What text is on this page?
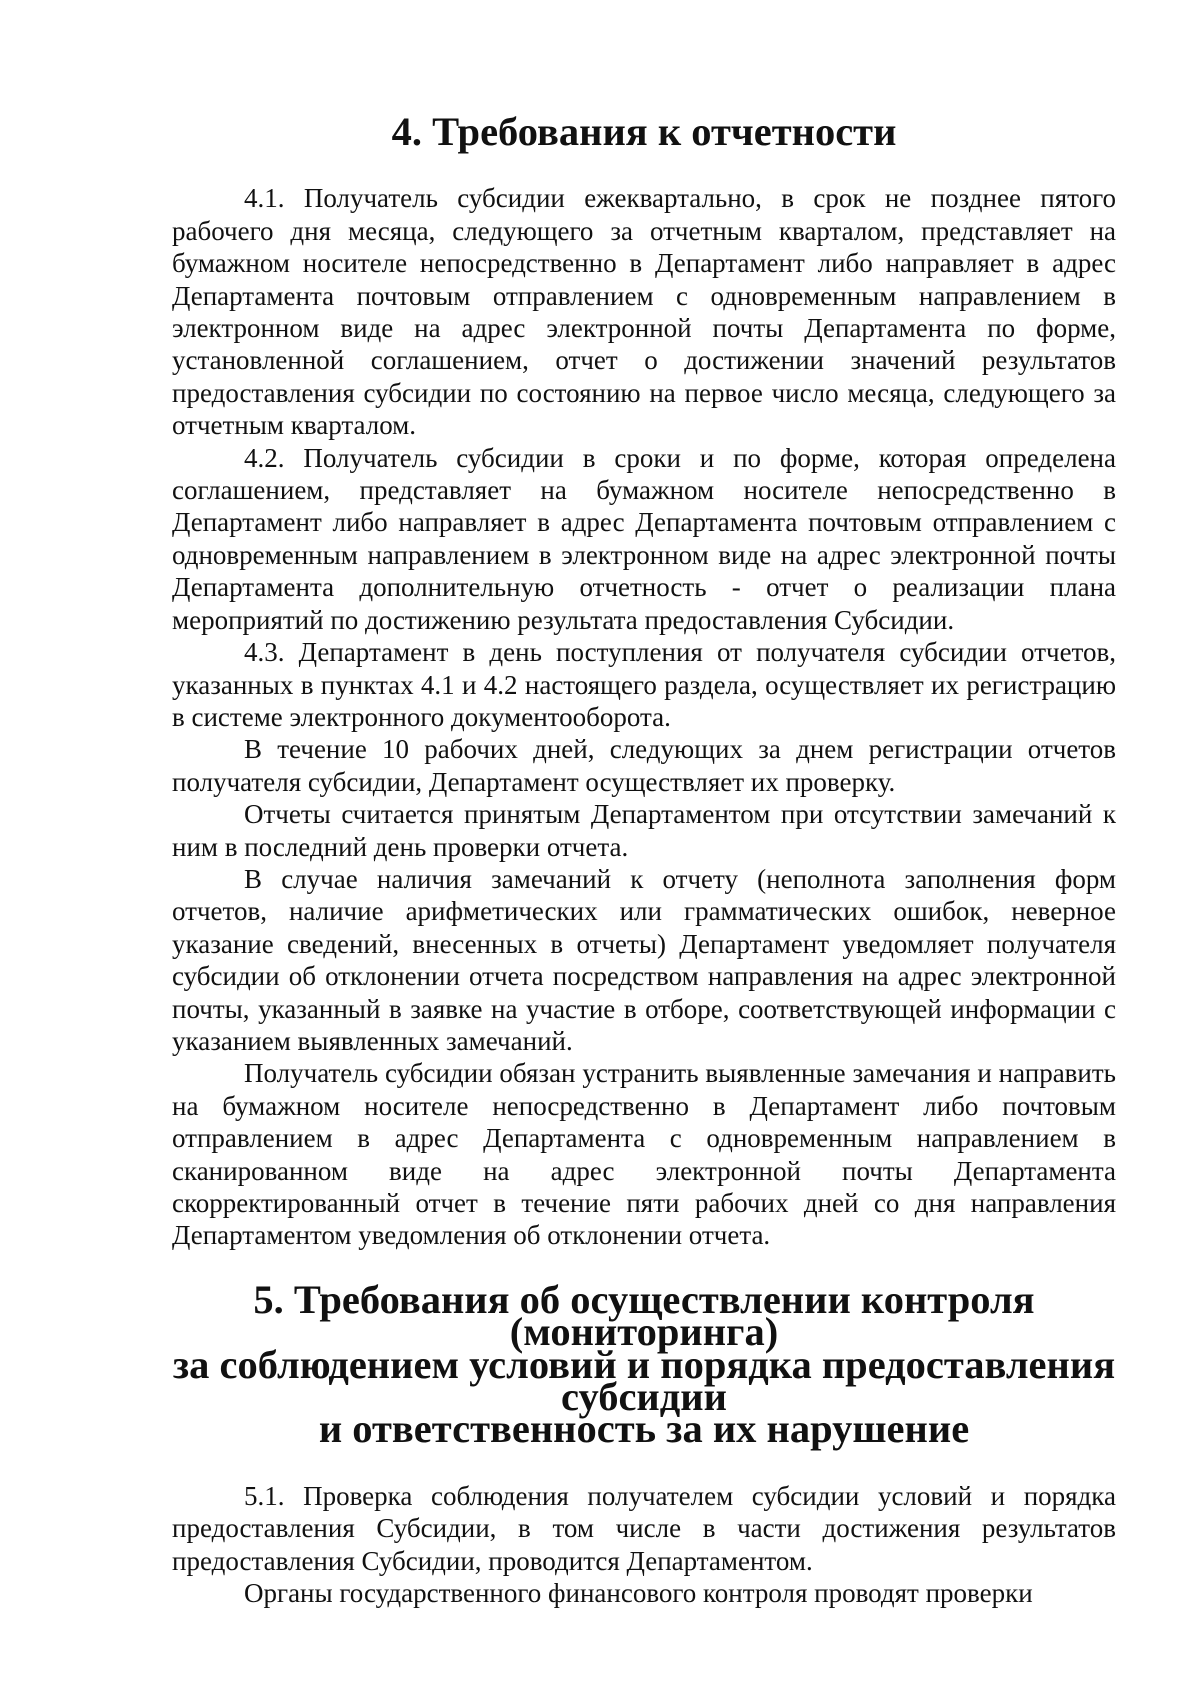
4. Требования к отчетности

4.1. Получатель субсидии ежеквартально, в срок не позднее пятого рабочего дня месяца, следующего за отчетным кварталом, представляет на бумажном носителе непосредственно в Департамент либо направляет в адрес Департамента почтовым отправлением с одновременным направлением в электронном виде на адрес электронной почты Департамента по форме, установленной соглашением, отчет о достижении значений результатов предоставления субсидии по состоянию на первое число месяца, следующего за отчетным кварталом.

4.2. Получатель субсидии в сроки и по форме, которая определена соглашением, представляет на бумажном носителе непосредственно в Департамент либо направляет в адрес Департамента почтовым отправлением с одновременным направлением в электронном виде на адрес электронной почты Департамента дополнительную отчетность - отчет о реализации плана мероприятий по достижению результата предоставления Субсидии.

4.3. Департамент в день поступления от получателя субсидии отчетов, указанных в пунктах 4.1 и 4.2 настоящего раздела, осуществляет их регистрацию в системе электронного документооборота.

В течение 10 рабочих дней, следующих за днем регистрации отчетов получателя субсидии, Департамент осуществляет их проверку.

Отчеты считается принятым Департаментом при отсутствии замечаний к ним в последний день проверки отчета.

В случае наличия замечаний к отчету (неполнота заполнения форм отчетов, наличие арифметических или грамматических ошибок, неверное указание сведений, внесенных в отчеты) Департамент уведомляет получателя субсидии об отклонении отчета посредством направления на адрес электронной почты, указанный в заявке на участие в отборе, соответствующей информации с указанием выявленных замечаний.

Получатель субсидии обязан устранить выявленные замечания и направить на бумажном носителе непосредственно в Департамент либо почтовым отправлением в адрес Департамента с одновременным направлением в сканированном виде на адрес электронной почты Департамента скорректированный отчет в течение пяти рабочих дней со дня направления Департаментом уведомления об отклонении отчета.

5. Требования об осуществлении контроля (мониторинга)
за соблюдением условий и порядка предоставления субсидии
и ответственность за их нарушение

5.1. Проверка соблюдения получателем субсидии условий и порядка предоставления Субсидии, в том числе в части достижения результатов предоставления Субсидии, проводится Департаментом.

Органы государственного финансового контроля проводят проверки
